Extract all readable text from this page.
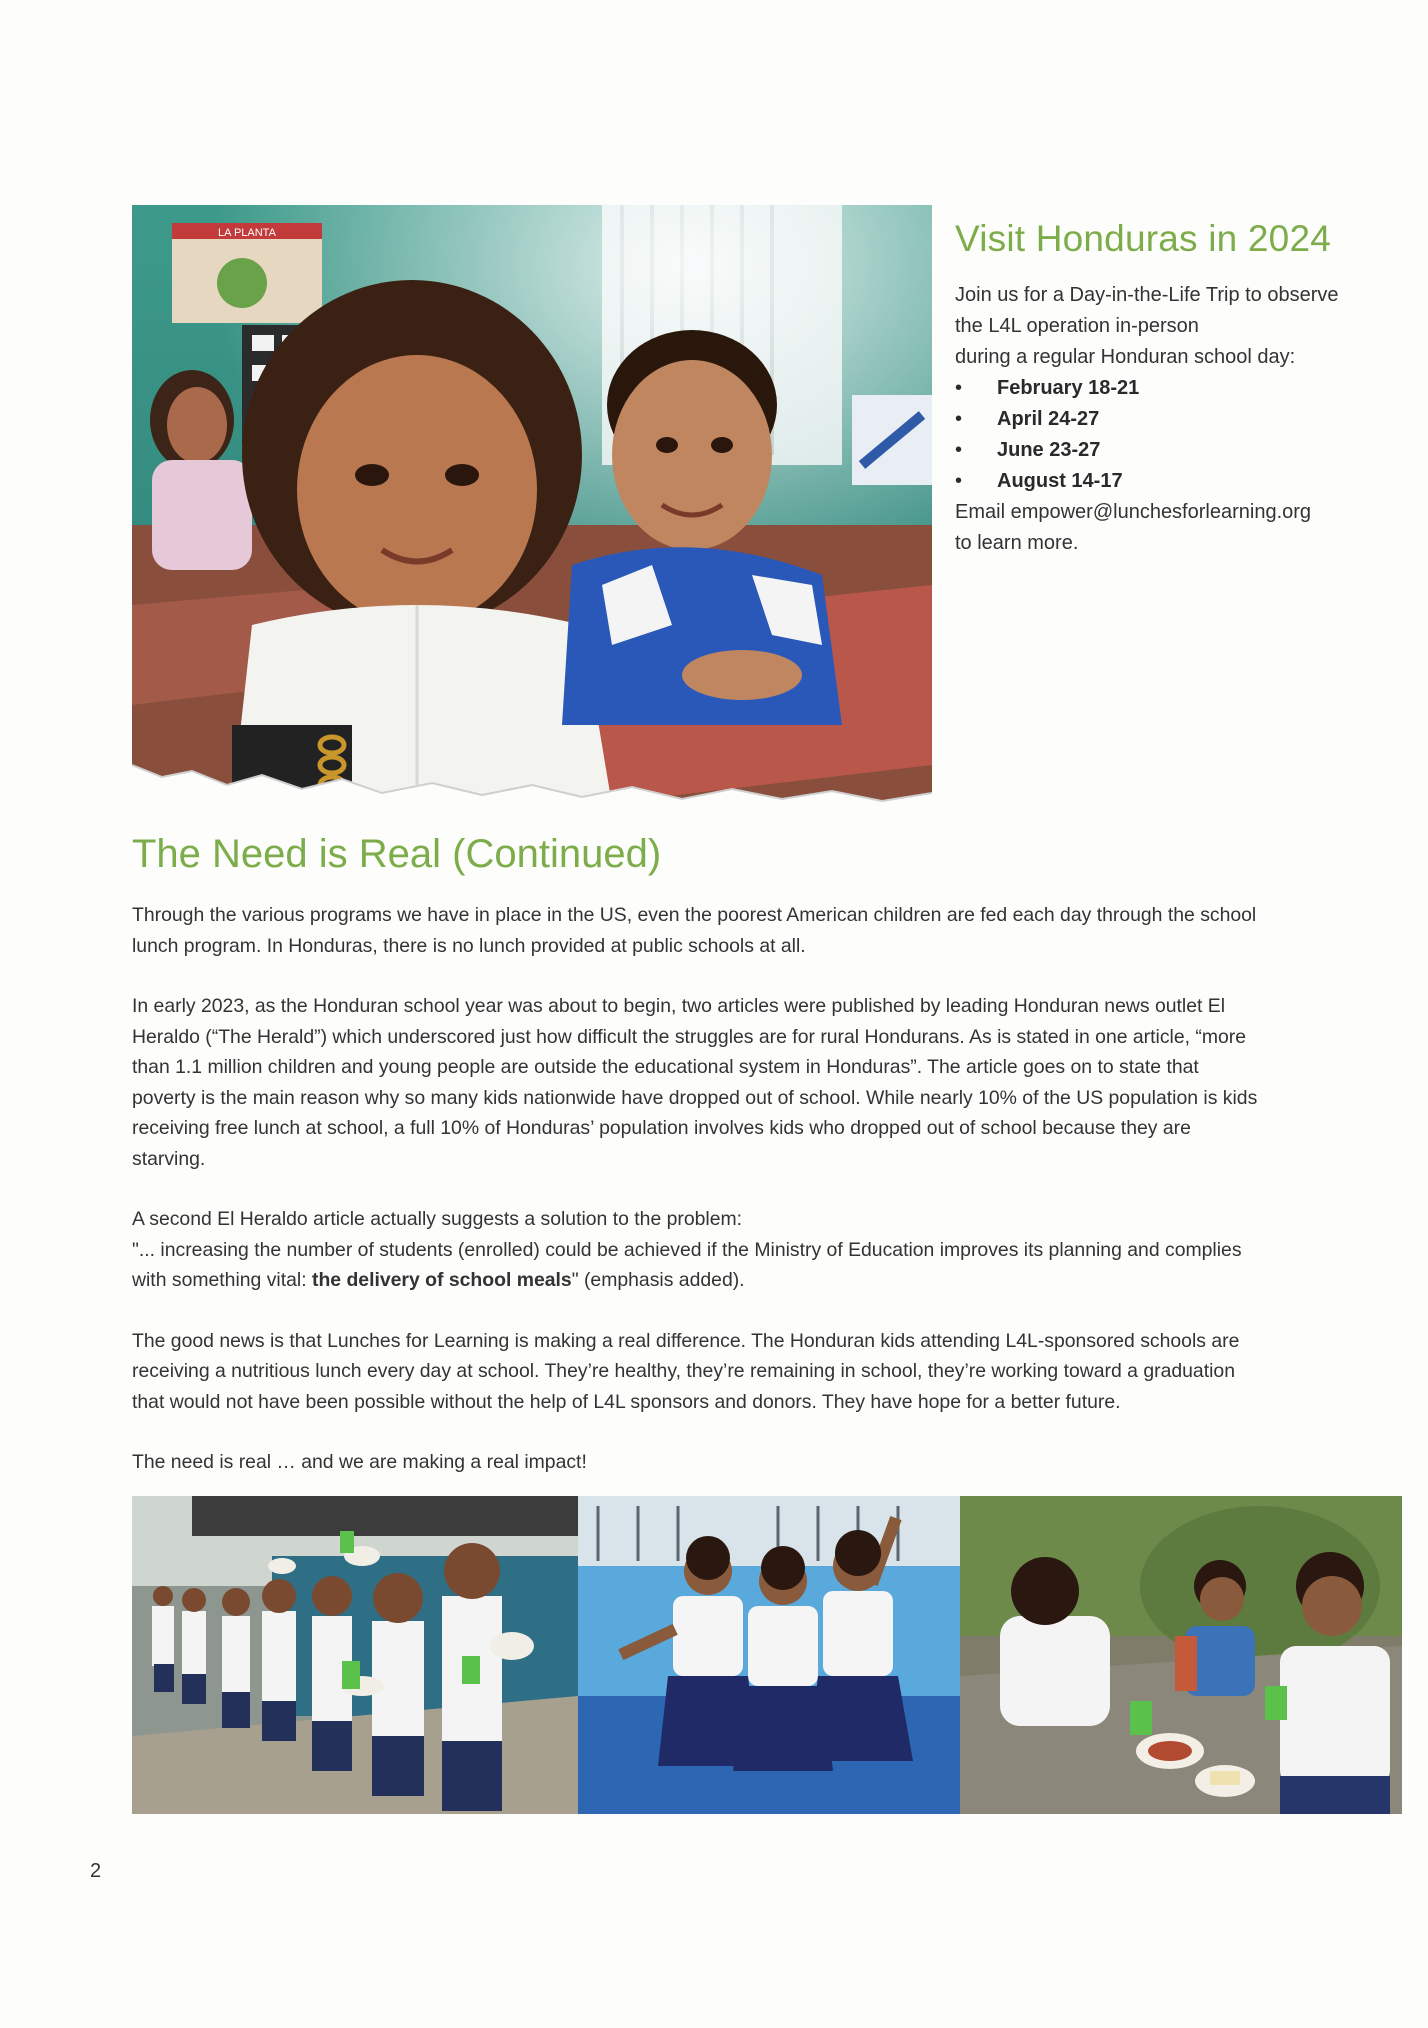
LA PLANTA	Visit Honduras in 2024

Join us for a Day-in-the-Life Trip to observe

the L4L operation in-person

during a regular Honduran school day:

• February 18-21
• April 24-27
• June 23-27
• August 14-17

Email empower@lunchesforlearning.org

to learn more.

The Need is Real (Continued)

Through the various programs we have in place in the US, even the poorest American children are fed each day through the school
lunch program. In Honduras, there is no lunch provided at public schools at all.

In early 2023, as the Honduran school year was about to begin, two articles were published by leading Honduran news outlet El
Heraldo (“The Herald”) which underscored just how difficult the struggles are for rural Hondurans. As is stated in one article, “more
than 1.1 million children and young people are outside the educational system in Honduras”. The article goes on to state that
poverty is the main reason why so many kids nationwide have dropped out of school. While nearly 10% of the US population is kids
receiving free lunch at school, a full 10% of Honduras’ population involves kids who dropped out of school because they are
starving.

A second El Heraldo article actually suggests a solution to the problem:
"... increasing the number of students (enrolled) could be achieved if the Ministry of Education improves its planning and complies
with something vital: the delivery of school meals" (emphasis added).

The good news is that Lunches for Learning is making a real difference. The Honduran kids attending L4L-sponsored schools are
receiving a nutritious lunch every day at school. They’re healthy, they’re remaining in school, they’re working toward a graduation
that would not have been possible without the help of L4L sponsors and donors. They have hope for a better future.

The need is real … and we are making a real impact!

2
